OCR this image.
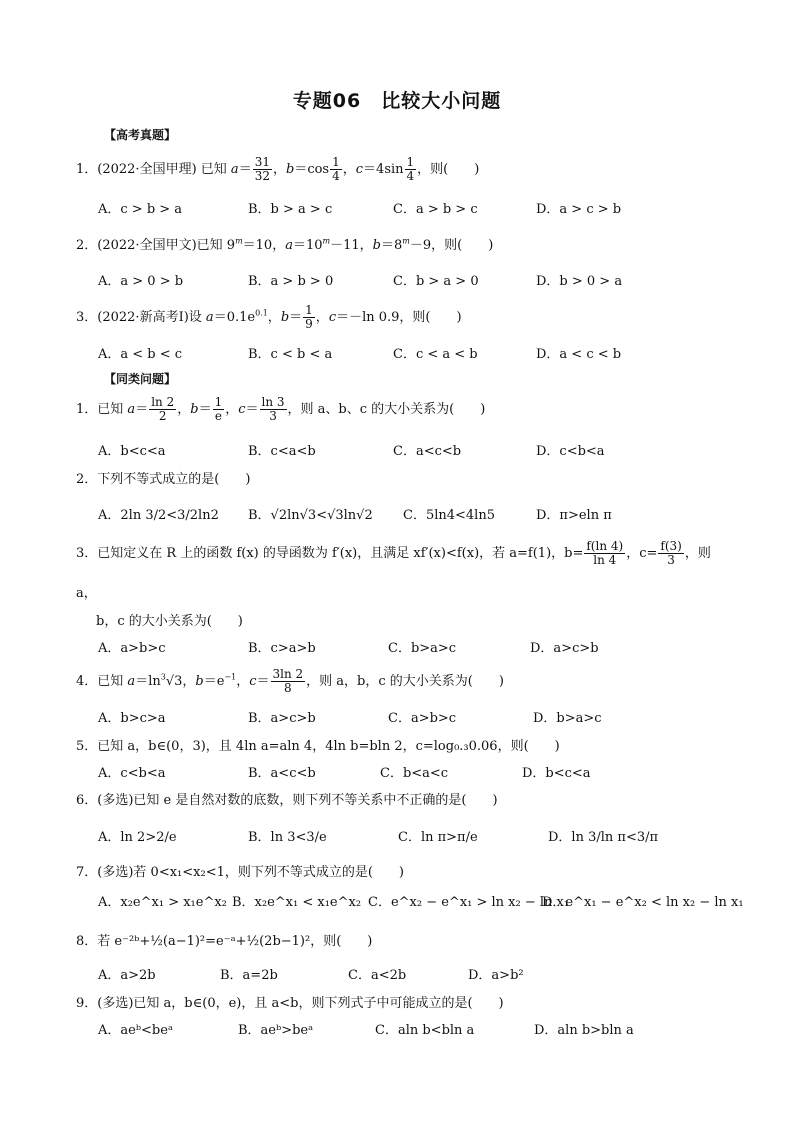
专题06　比较大小问题
【高考真题】
1．(2022·全国甲理) 已知 $a= \frac{31}{32}$ ，$b=\cos \frac{1}{4}$ ，$c=4\sin \frac{1}{4}$ ，则(　　)
A．c > b > a	B．b > a > c	C．a > b > c	D．a > c > b
2．(2022·全国甲文)已知 $9^m=10$，$a=10^m-11$，$b=8^m-9$，则(　　)
A．a > 0 > b	B．a > b > 0	C．b > a > 0	D．b > 0 > a
3．(2022·新高考Ⅰ)设 $a=0.1e^{0.1}$，$b= \frac{1}{9}$ ，c＝－ln 0.9，则(　　)
A．a < b < c	B．c < b < a	C．c < a < b	D．a < c < b
【同类问题】
1．已知 $a= \frac{\ln 2}{2}$ ，$b= \frac{1}{e}$ ，$c= \frac{\ln 3}{3}$ ，则 a、b、c 的大小关系为(　　)
A．b<c<a	B．c<a<b	C．a<c<b	D．c<b<a
2．下列不等式成立的是(　　)
A．2ln 3/2<3/2ln2 B．√2ln√3<√3ln√2 C．5ln4<4ln5	D．π>eln π
3．已知定义在 R 上的函数 f(x) 的导函数为 f′(x)，且满足 xf′(x)<f(x)，若 a=f(1)，$b= \frac{f(\ln 4)}{\ln 4}$ ，$c= \frac{f(3)}{3}$ ，则
a，
b，c 的大小关系为(　　)
A．a>b>c	B．c>a>b	C．b>a>c	D．a>c>b
4．已知 $a=\ln^3√3$，$b=e^{-1}$，$c= \frac{3\ln 2}{8}$ ，则 a，b，c 的大小关系为(　　)
A．b>c>a	B．a>c>b	C．a>b>c	D．b>a>c
5．已知 a，b∈(0，3)，且 4ln a=aln 4，4ln b=bln 2，c=log₀.₃0.06，则(　　)
A．c<b<a	B．a<c<b	C．b<a<c	D．b<c<a
6．(多选)已知 e 是自然对数的底数，则下列不等关系中不正确的是(　　)
A．ln 2>2/e	B．ln 3<3/e	C．ln π>π/e	D．ln 3/ln π<3/π
7．(多选)若 0<x₁<x₂<1，则下列不等式成立的是(　　)
A．x₂e^x₁ > x₁e^x₂ B．x₂e^x₁ < x₁e^x₂ C．e^x₂ − e^x₁ > ln x₂ − ln x₁
D．e^x₁ − e^x₂ < ln x₂ − ln x₁
8．若 e⁻²ᵇ+½(a−1)²=e⁻ᵃ+½(2b−1)²，则(　　)
A．a>2b	B．a=2b	C．a<2b	D．a>b²
9．(多选)已知 a，b∈(0，e)，且 a<b，则下列式子中可能成立的是(　　)
A．aeᵇ<beᵃ	B．aeᵇ>beᵃ	C．aln b<bln a	D．aln b>bln a
